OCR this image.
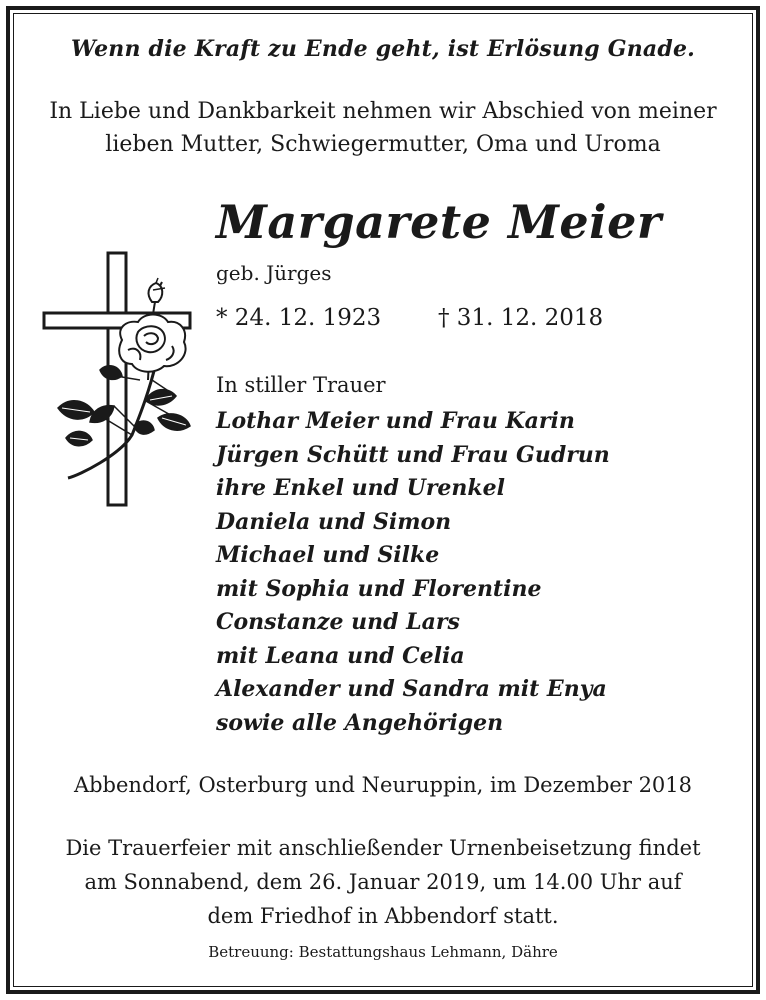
Wenn die Kraft zu Ende geht, ist Erlösung Gnade.
In Liebe und Dankbarkeit nehmen wir Abschied von meiner
lieben Mutter, Schwiegermutter, Oma und Uroma
Margarete Meier
geb. Jürges
* 24. 12. 1923 † 31. 12. 2018
In stiller Trauer
Lothar Meier und Frau Karin
Jürgen Schütt und Frau Gudrun
ihre Enkel und Urenkel
Daniela und Simon
Michael und Silke
mit Sophia und Florentine
Constanze und Lars
mit Leana und Celia
Alexander und Sandra mit Enya
sowie alle Angehörigen
Abbendorf, Osterburg und Neuruppin, im Dezember 2018
Die Trauerfeier mit anschließender Urnenbeisetzung findet
am Sonnabend, dem 26. Januar 2019, um 14.00 Uhr auf
dem Friedhof in Abbendorf statt.
Betreuung: Bestattungshaus Lehmann, Dähre
